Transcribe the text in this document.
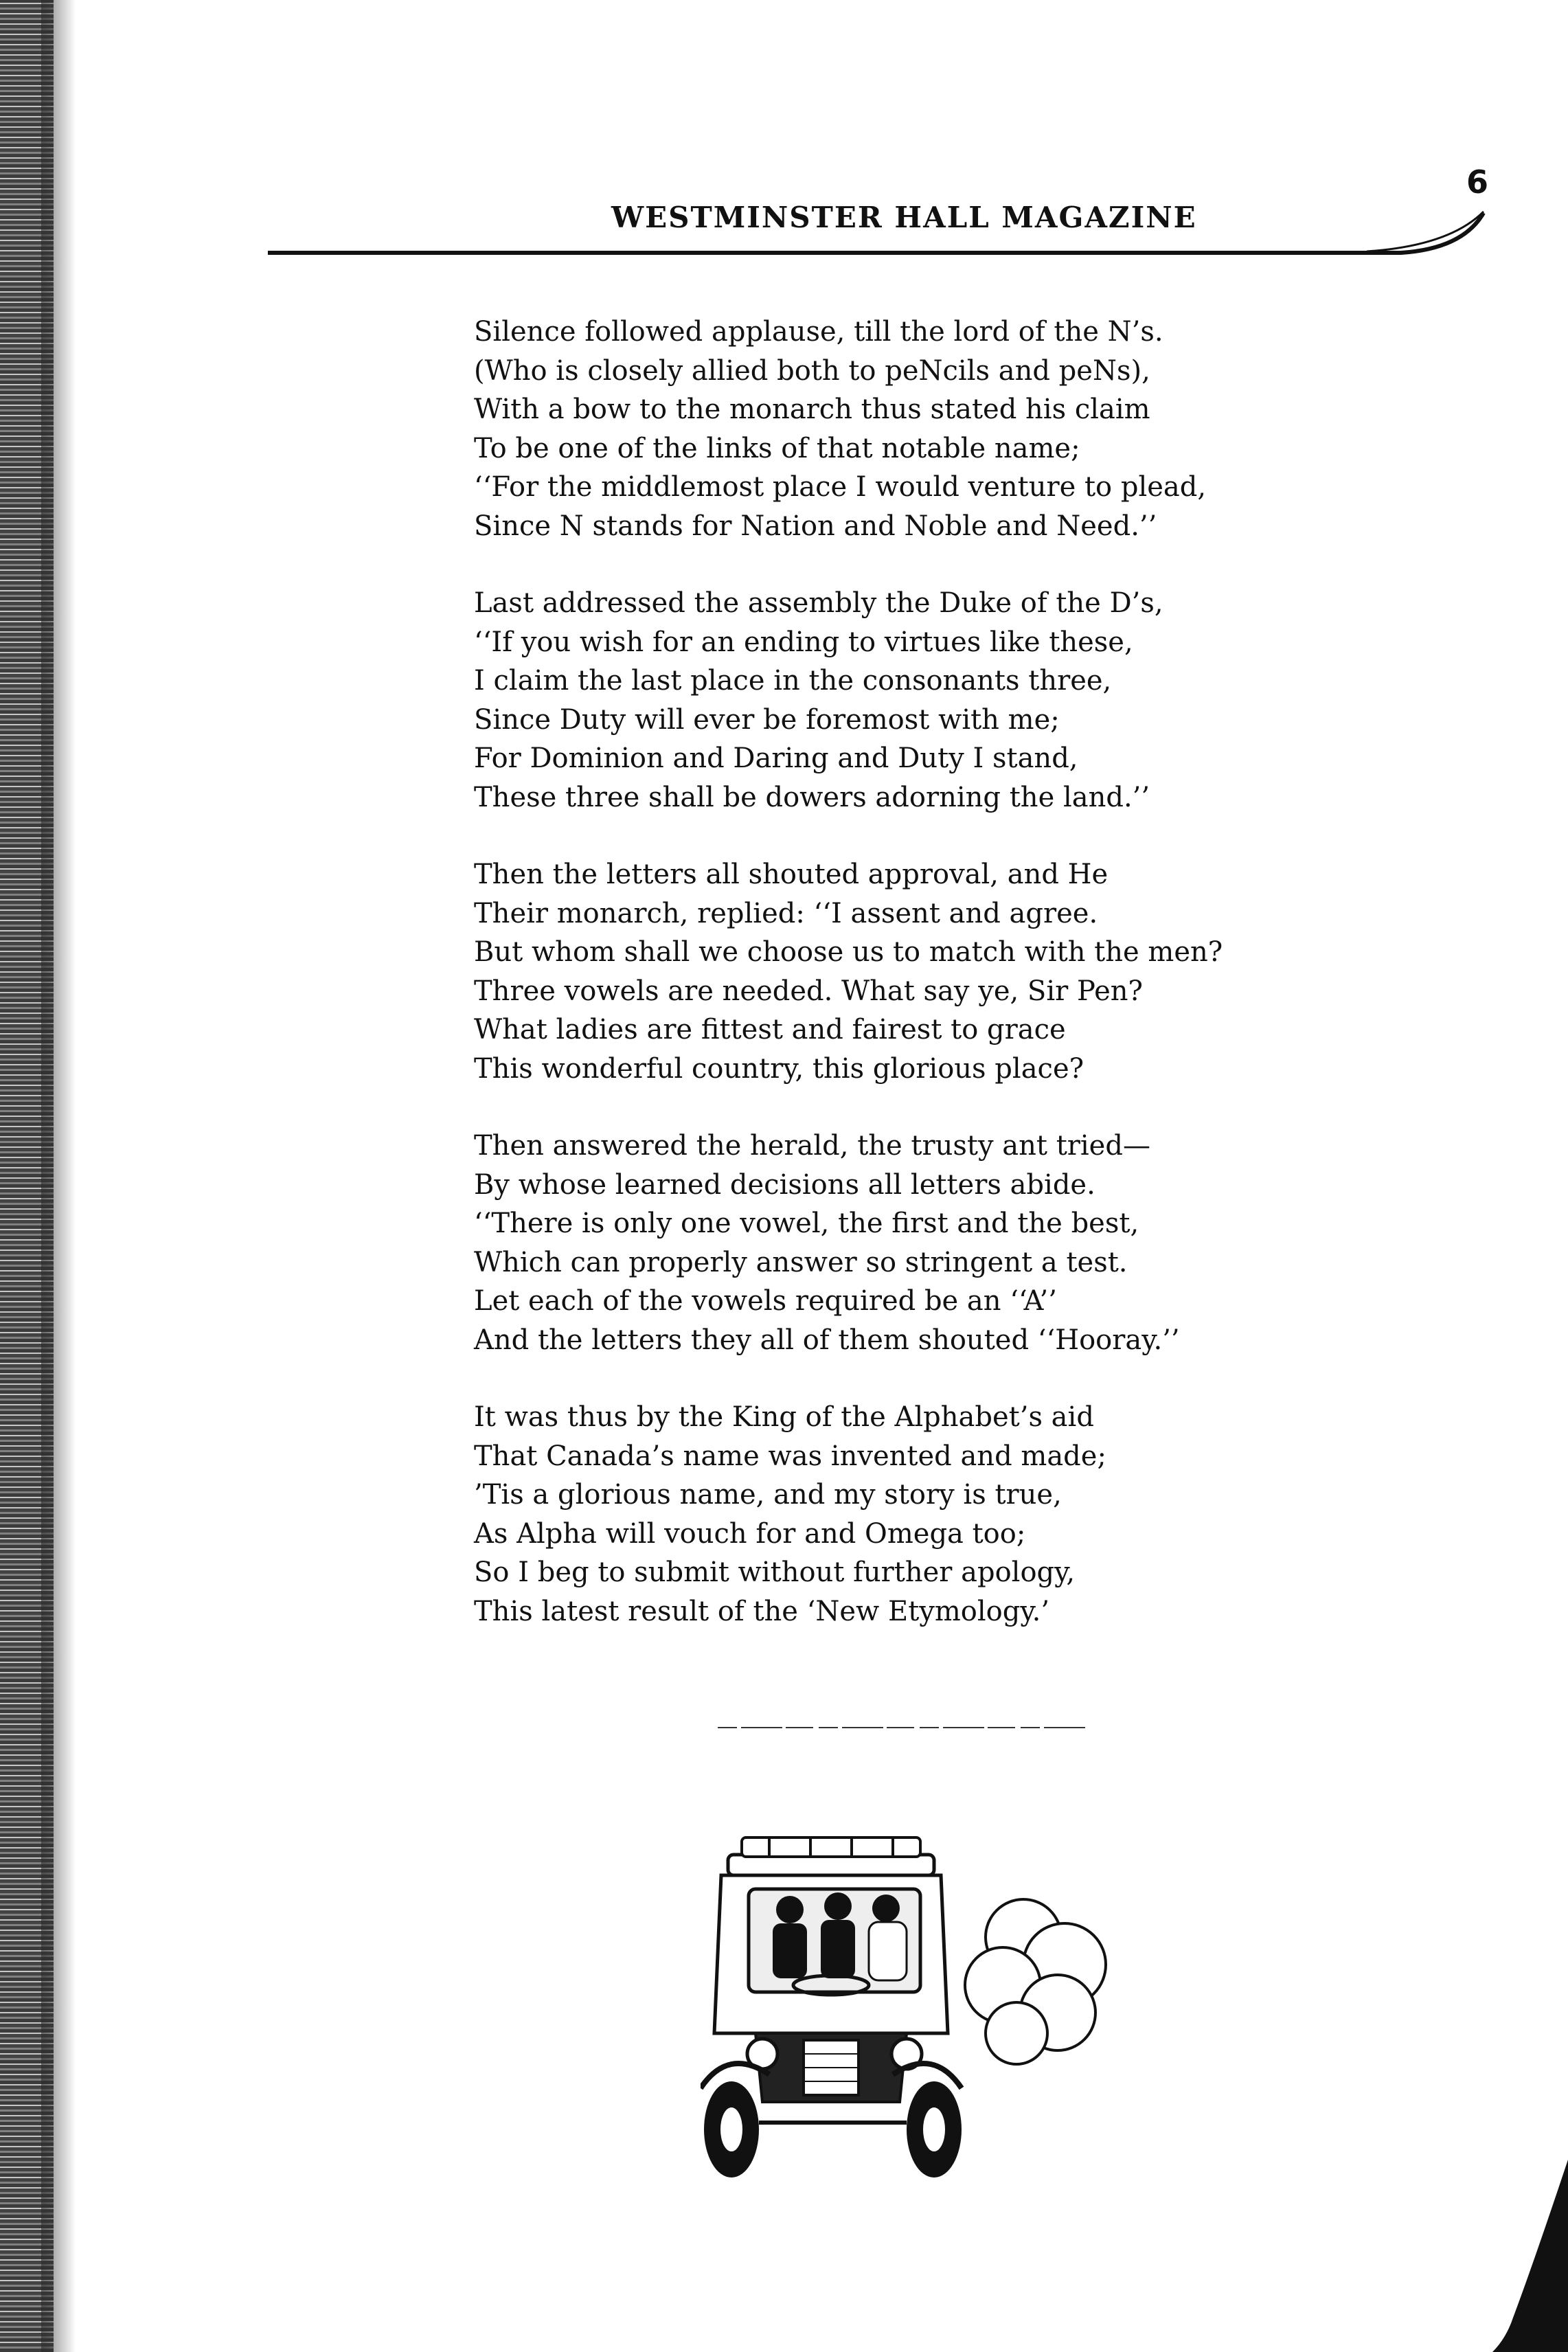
6

WESTMINSTER HALL MAGAZINE
Silence followed applause, till the lord of the N’s.
(Who is closely allied both to peNcils and peNs),
With a bow to the monarch thus stated his claim
To be one of the links of that notable name;
‘‘For the middlemost place I would venture to plead,
Since N stands for Nation and Noble and Need.’’
Last addressed the assembly the Duke of the D’s,
‘‘If you wish for an ending to virtues like these,
I claim the last place in the consonants three,
Since Duty will ever be foremost with me;
For Dominion and Daring and Duty I stand,
These three shall be dowers adorning the land.’’
Then the letters all shouted approval, and He
Their monarch, replied: ‘‘I assent and agree.
But whom shall we choose us to match with the men?
Three vowels are needed. What say ye, Sir Pen?
What ladies are fittest and fairest to grace
This wonderful country, this glorious place?
Then answered the herald, the trusty ant tried—
By whose learned decisions all letters abide.
‘‘There is only one vowel, the first and the best,
Which can properly answer so stringent a test.
Let each of the vowels required be an ‘‘A’’
And the letters they all of them shouted ‘‘Hooray.’’
It was thus by the King of the Alphabet’s aid
That Canada’s name was invented and made;
’Tis a glorious name, and my story is true,
As Alpha will vouch for and Omega too;
So I beg to submit without further apology,
This latest result of the ‘New Etymology.’
